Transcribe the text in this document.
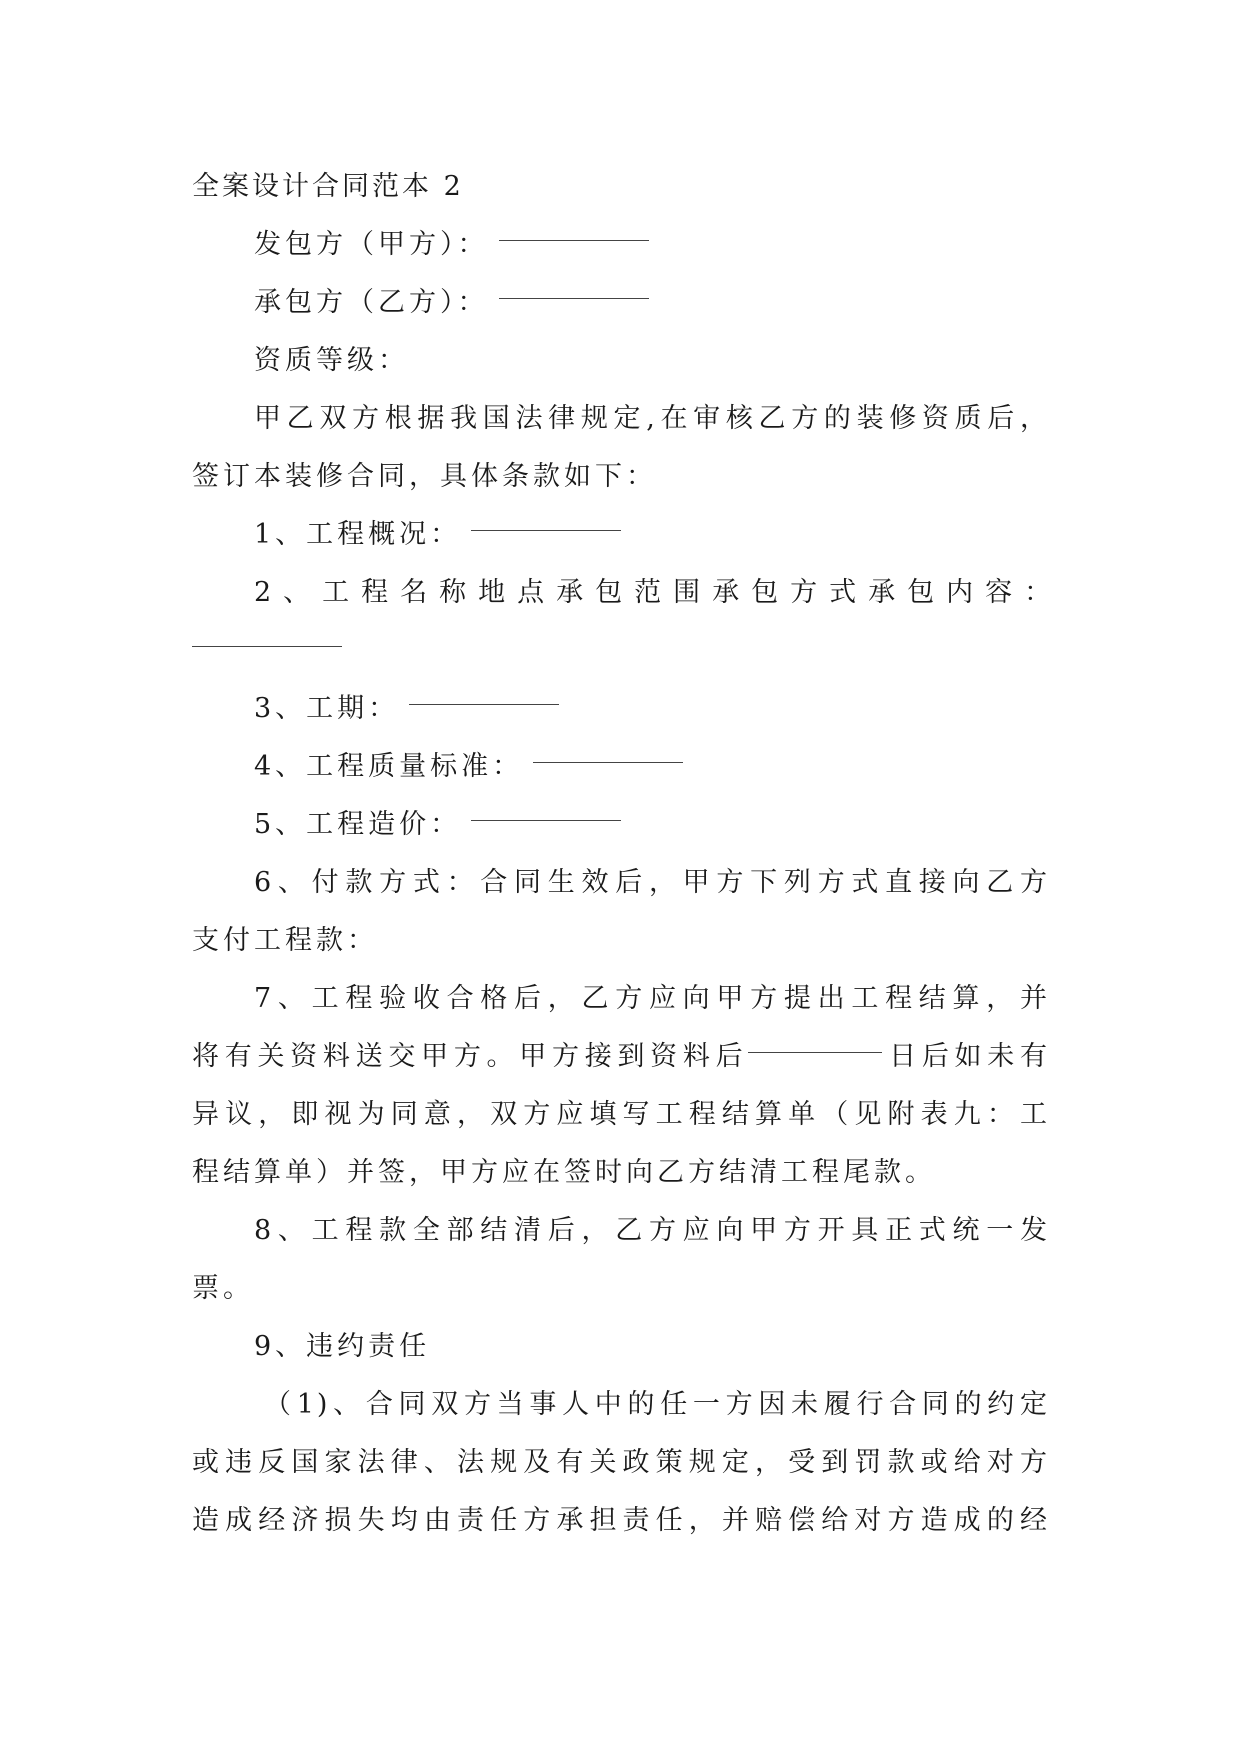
全案设计合同范本 2
发包方（甲方）：
承包方（乙方）：
资质等级：
甲乙双方根据我国法律规定,在审核乙方的装修资质后，
签订本装修合同，具体条款如下：
1、工程概况：
2、工程名称地点承包范围承包方式承包内容：
3、工期：
4、工程质量标准：
5、工程造价：
6、付款方式：合同生效后，甲方下列方式直接向乙方
支付工程款：
7、工程验收合格后，乙方应向甲方提出工程结算，并
将有关资料送交甲方。甲方接到资料后	日后如未有
异议，即视为同意，双方应填写工程结算单（见附表九：工
程结算单）并签，甲方应在签时向乙方结清工程尾款。
8、工程款全部结清后，乙方应向甲方开具正式统一发
票。
9、违约责任
（1)、合同双方当事人中的任一方因未履行合同的约定
或违反国家法律、法规及有关政策规定，受到罚款或给对方
造成经济损失均由责任方承担责任，并赔偿给对方造成的经
